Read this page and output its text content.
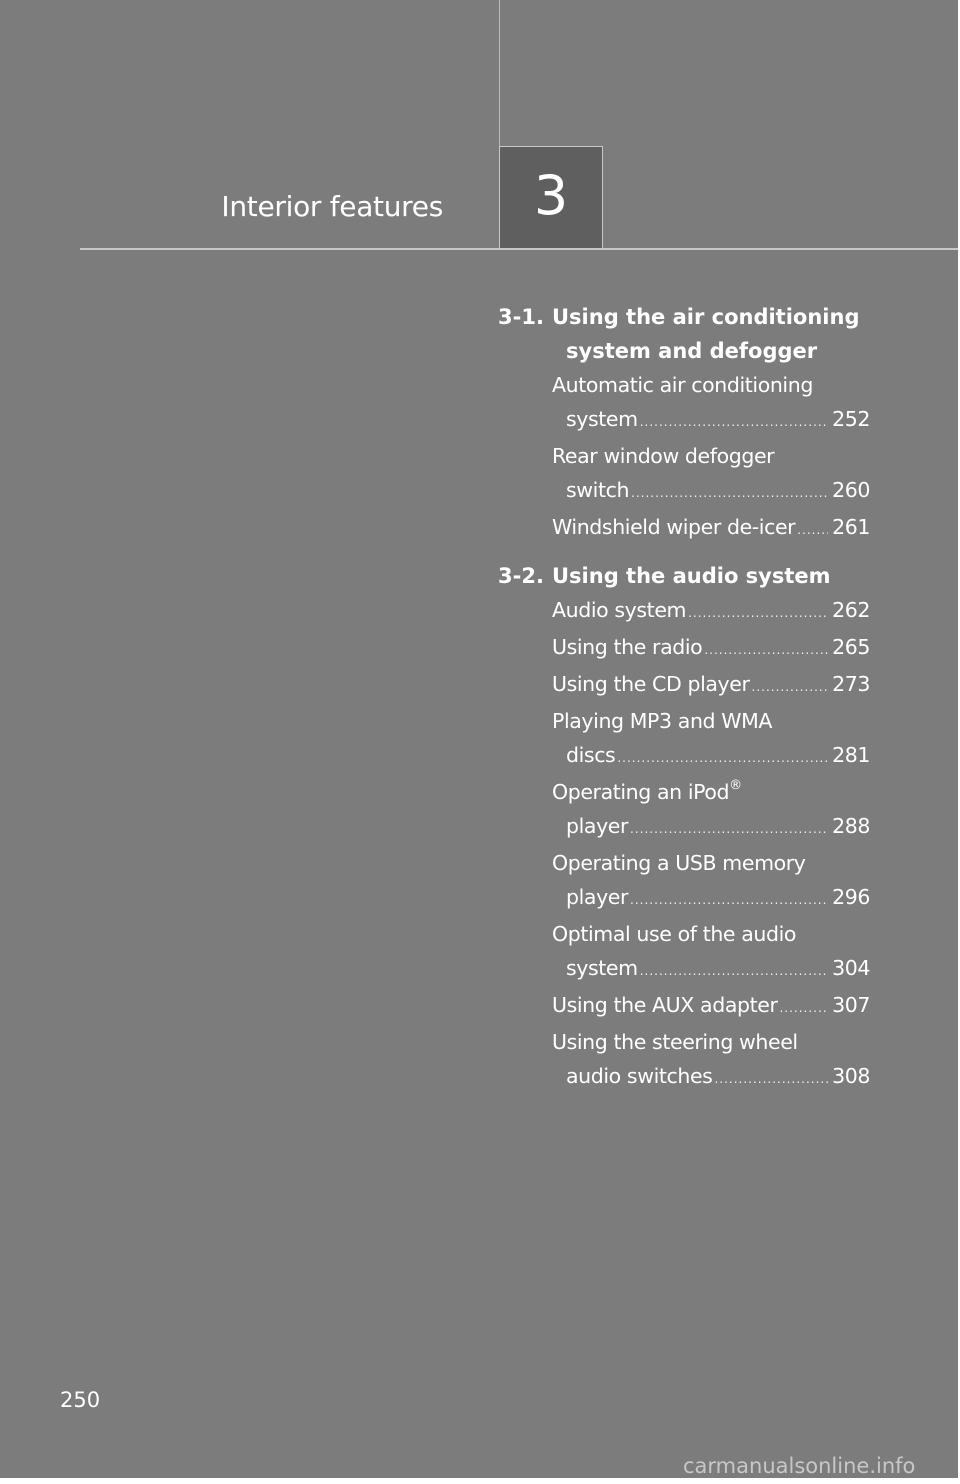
Interior features 3
3-1. Using the air conditioning system and defogger
Automatic air conditioning
system .....	252
Rear window defogger
switch .....	260
Windshield wiper de-icer ..... 261
3-2. Using the audio system
Audio system .....	262
Using the radio .....	265
Using the CD player .....	273
Playing MP3 and WMA
discs .....	281
Operating an iPod®
player .....	288
Operating a USB memory
player .....	296
Optimal use of the audio
system .....	304
Using the AUX adapter .....	307
Using the steering wheel
audio switches .....	308
250
carmanualsonline.info
